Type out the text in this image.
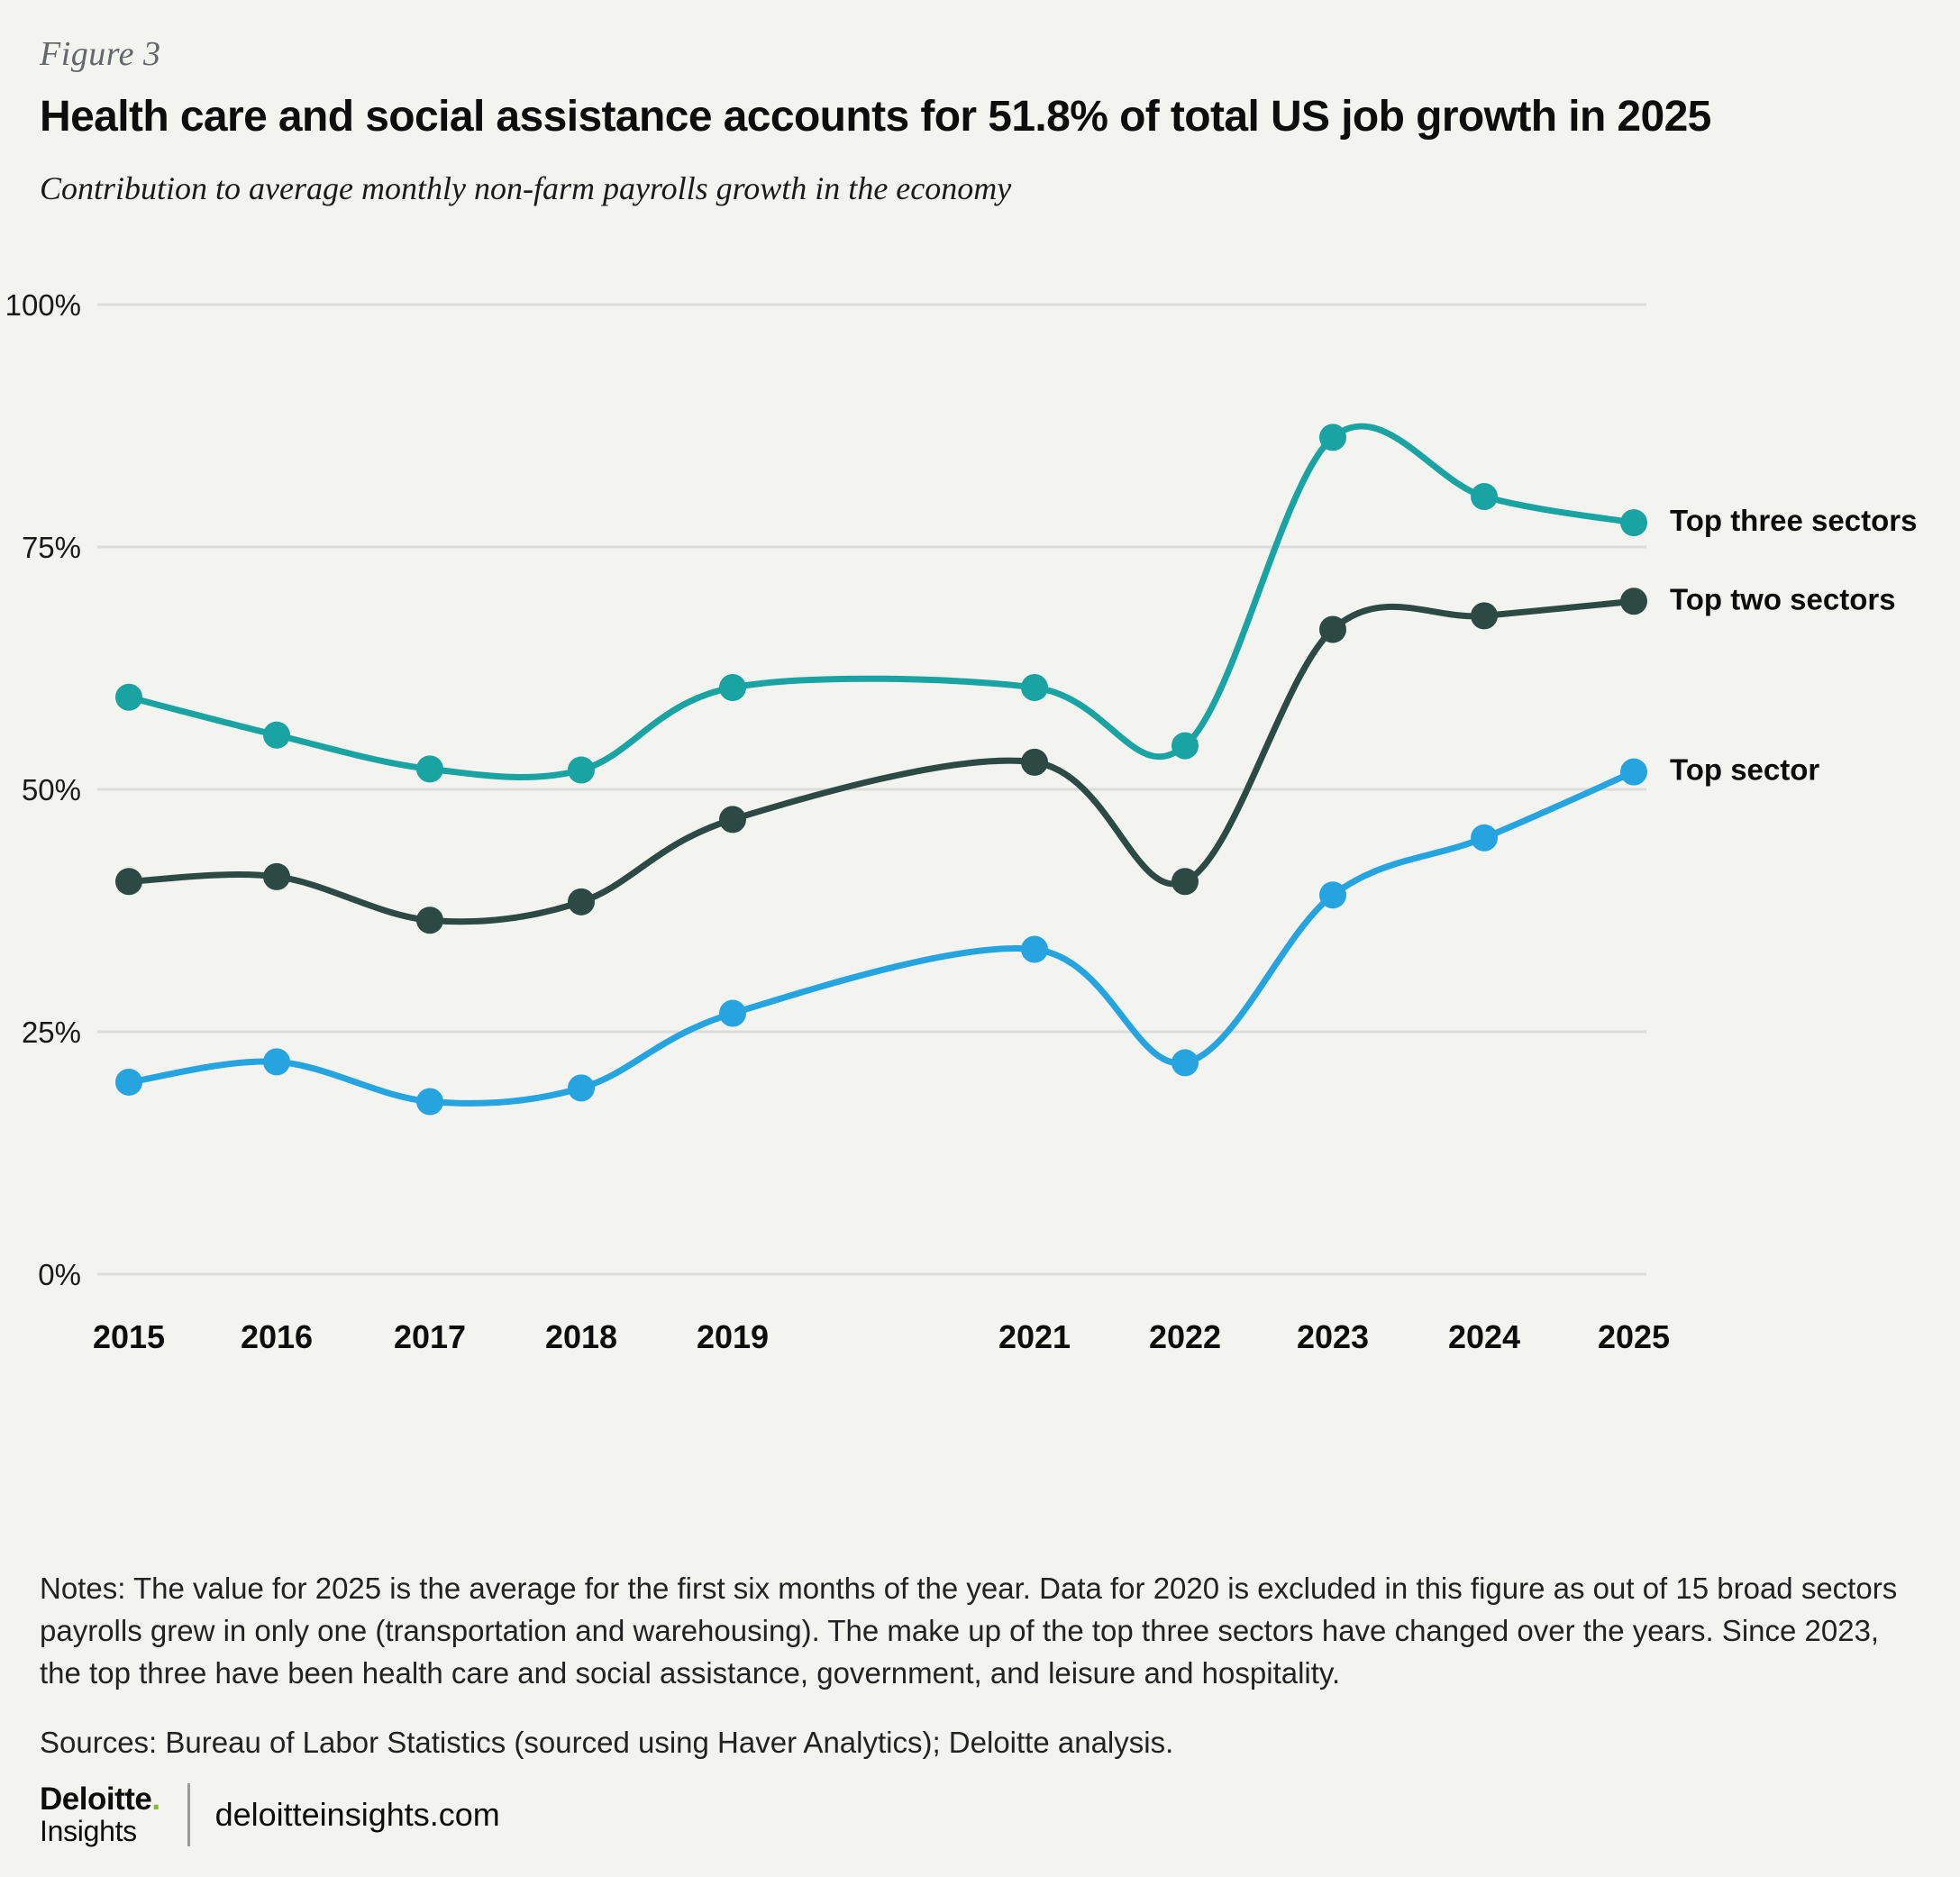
Figure 3
Health care and social assistance accounts for 51.8% of total US job growth in 2025
Contribution to average monthly non-farm payrolls growth in the economy
0%
25%
50%
75%
100%
2015 2016 2017 2018 2019	2021 2022 2023 2024 2025
Top three sectors
Top two sectors
Top sector

Notes: The value for 2025 is the average for the first six months of the year. Data for 2020 is excluded in this figure as out of 15 broad sectors payrolls grew in only one (transportation and warehousing). The make up of the top three sectors have changed over the years. Since 2023, the top three have been health care and social assistance, government, and leisure and hospitality.

Sources: Bureau of Labor Statistics (sourced using Haver Analytics); Deloitte analysis.

Deloitte.
Insights	deloitteinsights.com
